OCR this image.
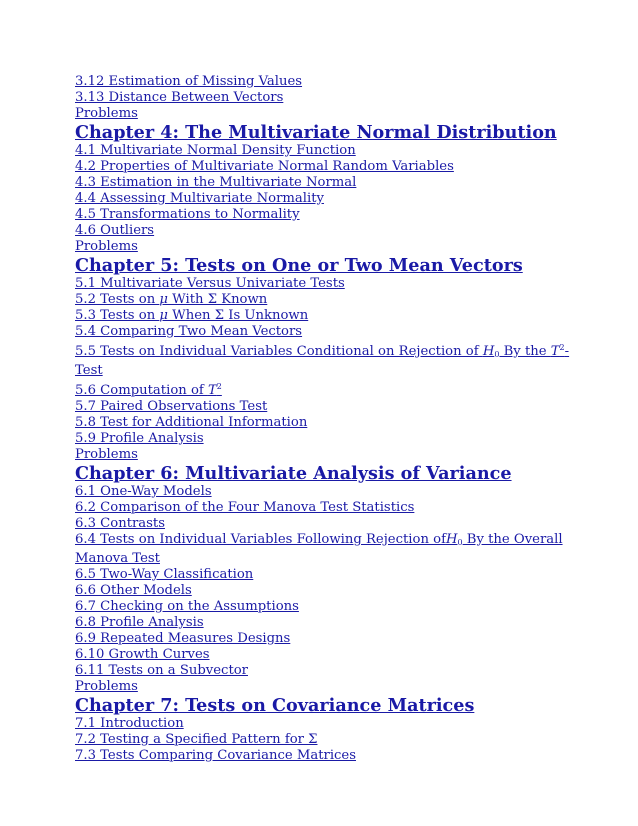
3.12 Estimation of Missing Values
3.13 Distance Between Vectors
Problems
Chapter 4: The Multivariate Normal Distribution
4.1 Multivariate Normal Density Function
4.2 Properties of Multivariate Normal Random Variables
4.3 Estimation in the Multivariate Normal
4.4 Assessing Multivariate Normality
4.5 Transformations to Normality
4.6 Outliers
Problems
Chapter 5: Tests on One or Two Mean Vectors
5.1 Multivariate Versus Univariate Tests
5.2 Tests on μ With Σ Known
5.3 Tests on μ When Σ Is Unknown
5.4 Comparing Two Mean Vectors
5.5 Tests on Individual Variables Conditional on Rejection of $H_0$ By the $T^2$-Test
5.6 Computation of $T^2$
5.7 Paired Observations Test
5.8 Test for Additional Information
5.9 Profile Analysis
Problems
Chapter 6: Multivariate Analysis of Variance
6.1 One-Way Models
6.2 Comparison of the Four Manova Test Statistics
6.3 Contrasts
6.4 Tests on Individual Variables Following Rejection ofH$_0$ By the Overall Manova Test
6.5 Two-Way Classification
6.6 Other Models
6.7 Checking on the Assumptions
6.8 Profile Analysis
6.9 Repeated Measures Designs
6.10 Growth Curves
6.11 Tests on a Subvector
Problems
Chapter 7: Tests on Covariance Matrices
7.1 Introduction
7.2 Testing a Specified Pattern for Σ
7.3 Tests Comparing Covariance Matrices
